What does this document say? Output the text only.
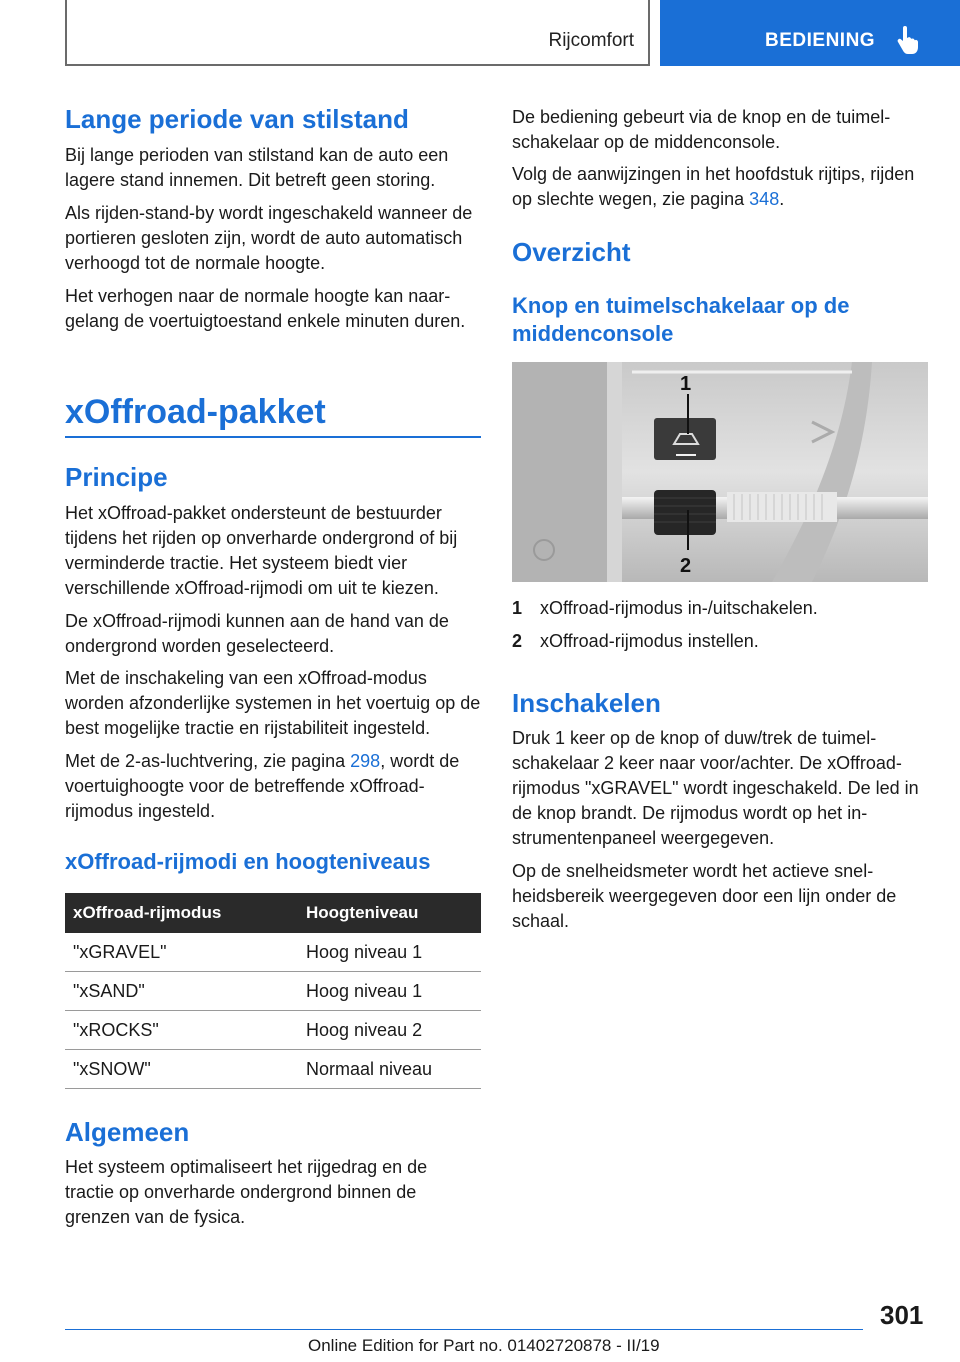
Rijcomfort	BEDIENING
Lange periode van stilstand
Bij lange perioden van stilstand kan de auto een lagere stand innemen. Dit betreft geen storing.
Als rijden-stand-by wordt ingeschakeld wanneer de portieren gesloten zijn, wordt de auto automatisch verhoogd tot de normale hoogte.
Het verhogen naar de normale hoogte kan naargelang de voertuigtoestand enkele minuten duren.
xOffroad-pakket
Principe
Het xOffroad-pakket ondersteunt de bestuurder tijdens het rijden op onverharde ondergrond of bij verminderde tractie. Het systeem biedt vier verschillende xOffroad-rijmodi om uit te kiezen.
De xOffroad-rijmodi kunnen aan de hand van de ondergrond worden geselecteerd.
Met de inschakeling van een xOffroad-modus worden afzonderlijke systemen in het voertuig op de best mogelijke tractie en rijstabiliteit ingesteld.
Met de 2-as-luchtvering, zie pagina 298, wordt de voertuighoogte voor de betreffende xOffroad-rijmodus ingesteld.
xOffroad-rijmodi en hoogteniveaus
xOffroad-rijmodus	Hoogteniveau
"xGRAVEL"	Hoog niveau 1
"xSAND"	Hoog niveau 1
"xROCKS"	Hoog niveau 2
"xSNOW"	Normaal niveau
Algemeen
Het systeem optimaliseert het rijgedrag en de tractie op onverharde ondergrond binnen de grenzen van de fysica.
De bediening gebeurt via de knop en de tuimelschakelaar op de middenconsole.
Volg de aanwijzingen in het hoofdstuk rijtips, rijden op slechte wegen, zie pagina 348.
Overzicht
Knop en tuimelschakelaar op de middenconsole
1
2
1 xOffroad-rijmodus in-/uitschakelen.
2 xOffroad-rijmodus instellen.
Inschakelen
Druk 1 keer op de knop of duw/trek de tuimelschakelaar 2 keer naar voor/achter. De xOffroad-rijmodus "xGRAVEL" wordt ingeschakeld. De led in de knop brandt. De rijmodus wordt op het instrumentenpaneel weergegeven.
Op de snelheidsmeter wordt het actieve snelheidsbereik weergegeven door een lijn onder de schaal.
301
Online Edition for Part no. 01402720878 - II/19
